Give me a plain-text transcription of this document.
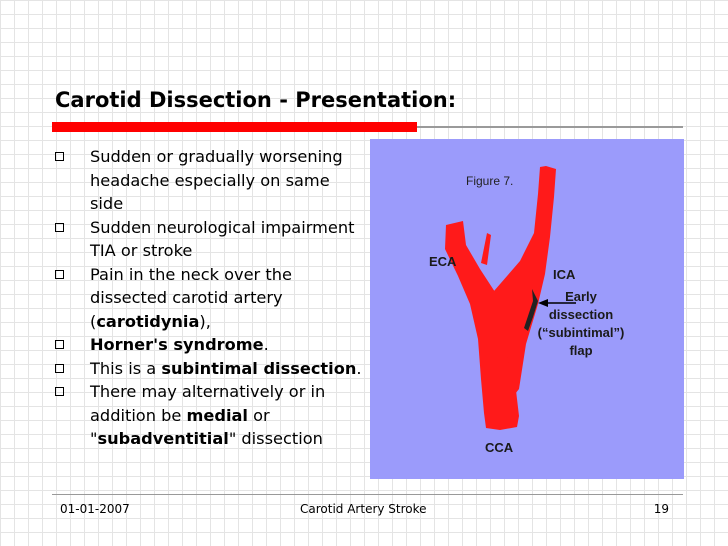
Carotid Dissection - Presentation:
Sudden or gradually worsening headache especially on same side
Sudden neurological impairment TIA or stroke
Pain in the neck over the dissected carotid artery (carotidynia),
Horner's syndrome.
This is a subintimal dissection.
There may alternatively or in addition be medial or "subadventitial" dissection
Figure 7.
ECA
ICA
Early
dissection
(“subintimal”)
flap
CCA
01-01-2007	Carotid Artery Stroke	19
